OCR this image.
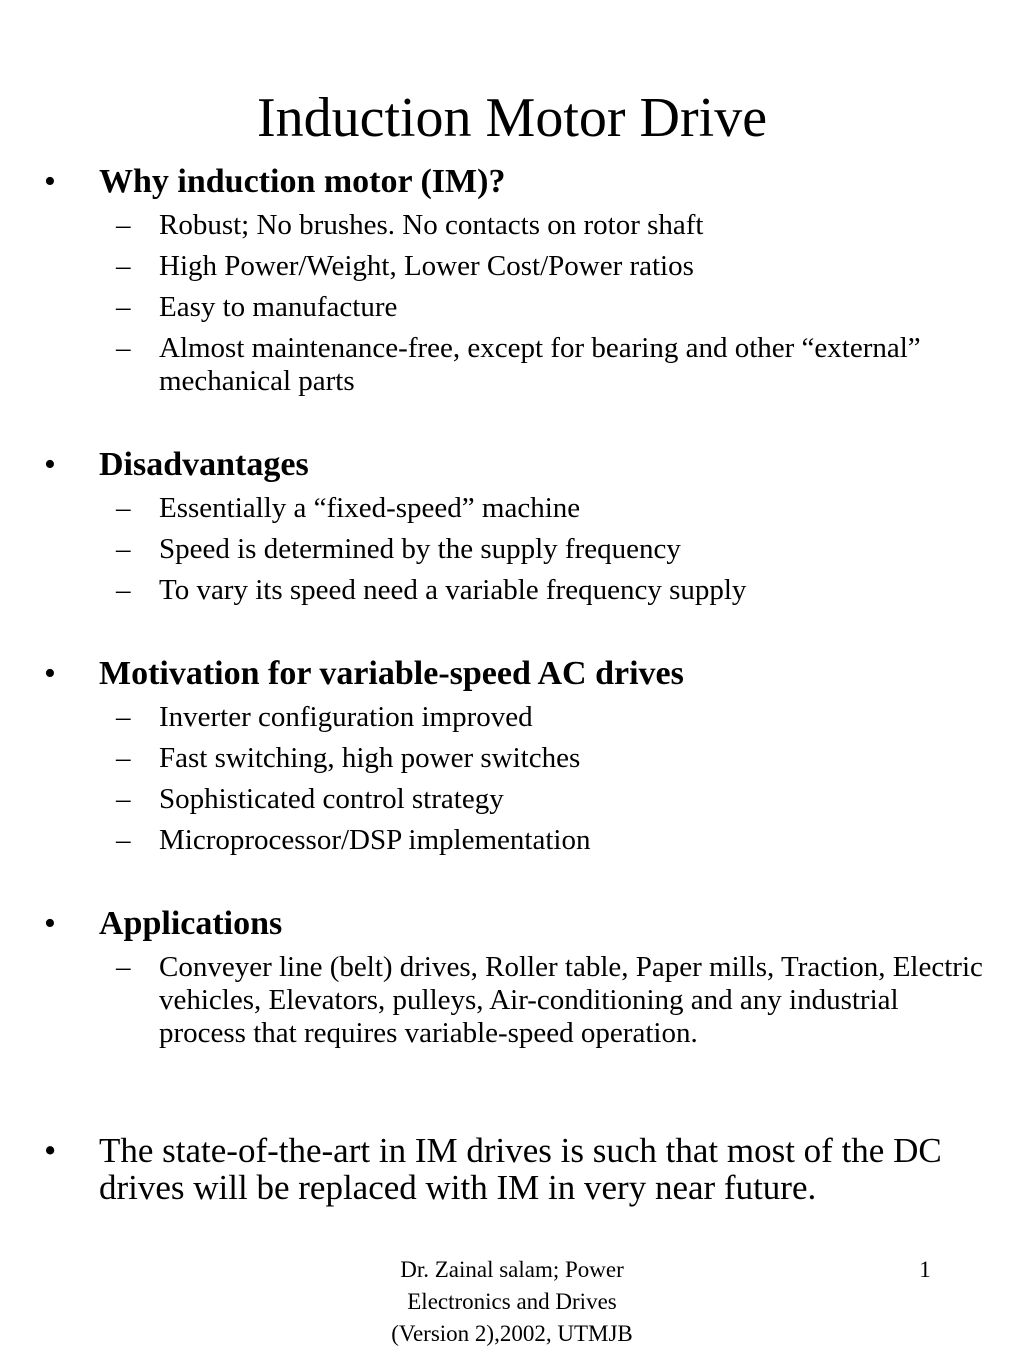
Induction Motor Drive
• Why induction motor (IM)?
– Robust; No brushes. No contacts on rotor shaft
– High Power/Weight, Lower Cost/Power ratios
– Easy to manufacture
– Almost maintenance-free, except for bearing and other “external” mechanical parts
• Disadvantages
– Essentially a “fixed-speed” machine
– Speed is determined by the supply frequency
– To vary its speed need a variable frequency supply
• Motivation for variable-speed AC drives
– Inverter configuration improved
– Fast switching, high power switches
– Sophisticated control strategy
– Microprocessor/DSP implementation
• Applications
– Conveyer line (belt) drives, Roller table, Paper mills, Traction, Electric vehicles, Elevators, pulleys, Air-conditioning and any industrial process that requires variable-speed operation.
• The state-of-the-art in IM drives is such that most of the DC drives will be replaced with IM in very near future.
Dr. Zainal salam; Power
Electronics and Drives
(Version 2),2002, UTMJB
1
